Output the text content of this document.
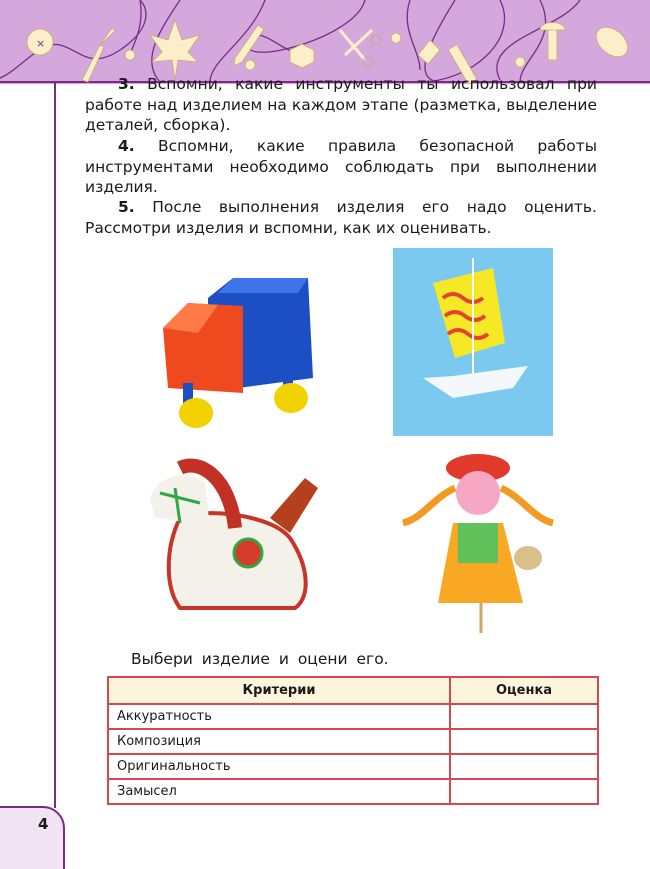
×
3. Вспомни, какие инструменты ты использовал при работе над изделием на каждом этапе (разметка, выделение деталей, сборка).
4. Вспомни, какие правила безопасной работы инструментами необходимо соблюдать при выполнении изделия.
5. После выполнения изделия его надо оценить. Рассмотри изделия и вспомни, как их оценивать.
Выбери изделие и оцени его.
Критерии	Оценка
Аккуратность	
Композиция	
Оригинальность	
Замысел	
4
